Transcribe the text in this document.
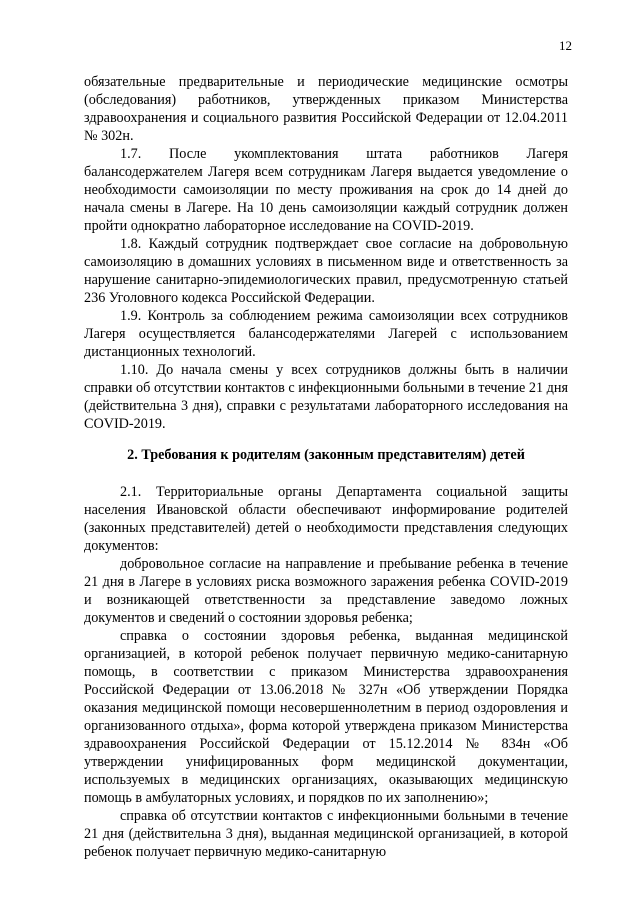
12

обязательные предварительные и периодические медицинские осмотры (обследования) работников, утвержденных приказом Министерства здравоохранения и социального развития Российской Федерации от 12.04.2011 № 302н.

1.7. После укомплектования штата работников Лагеря балансодержателем Лагеря всем сотрудникам Лагеря выдается уведомление о необходимости самоизоляции по месту проживания на срок до 14 дней до начала смены в Лагере. На 10 день самоизоляции каждый сотрудник должен пройти однократно лабораторное исследование на COVID-2019.

1.8. Каждый сотрудник подтверждает свое согласие на добровольную самоизоляцию в домашних условиях в письменном виде и ответственность за нарушение санитарно-эпидемиологических правил, предусмотренную статьей 236 Уголовного кодекса Российской Федерации.

1.9. Контроль за соблюдением режима самоизоляции всех сотрудников Лагеря осуществляется балансодержателями Лагерей с использованием дистанционных технологий.

1.10. До начала смены у всех сотрудников должны быть в наличии справки об отсутствии контактов с инфекционными больными в течение 21 дня (действительна 3 дня), справки с результатами лабораторного исследования на COVID-2019.

2. Требования к родителям (законным представителям) детей

2.1. Территориальные органы Департамента социальной защиты населения Ивановской области обеспечивают информирование родителей (законных представителей) детей о необходимости представления следующих документов:

добровольное согласие на направление и пребывание ребенка в течение 21 дня в Лагере в условиях риска возможного заражения ребенка COVID-2019 и возникающей ответственности за представление заведомо ложных документов и сведений о состоянии здоровья ребенка;

справка о состоянии здоровья ребенка, выданная медицинской организацией, в которой ребенок получает первичную медико-санитарную помощь, в соответствии с приказом Министерства здравоохранения Российской Федерации от 13.06.2018 № 327н «Об утверждении Порядка оказания медицинской помощи несовершеннолетним в период оздоровления и организованного отдыха», форма которой утверждена приказом Министерства здравоохранения Российской Федерации от 15.12.2014 № 834н «Об утверждении унифицированных форм медицинской документации, используемых в медицинских организациях, оказывающих медицинскую помощь в амбулаторных условиях, и порядков по их заполнению»;

справка об отсутствии контактов с инфекционными больными в течение 21 дня (действительна 3 дня), выданная медицинской организацией, в которой ребенок получает первичную медико-санитарную
